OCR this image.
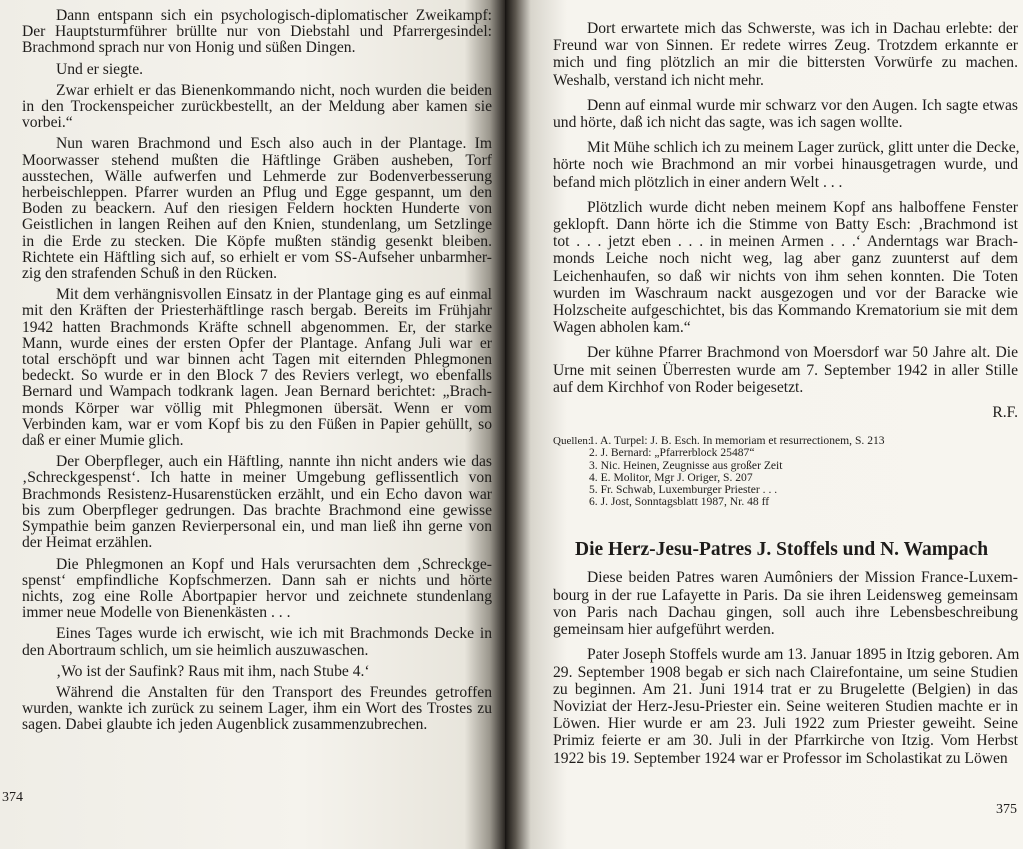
Dann entspann sich ein psychologisch-diplomatischer Zweikampf:
Der Hauptsturmführer brüllte nur von Diebstahl und Pfarrergesindel:
Brachmond sprach nur von Honig und süßen Dingen.
Und er siegte.
Zwar erhielt er das Bienenkommando nicht, noch wurden die beiden
in den Trockenspeicher zurückbestellt, an der Meldung aber kamen sie
vorbei.“
Nun waren Brachmond und Esch also auch in der Plantage. Im
Moorwasser stehend mußten die Häftlinge Gräben ausheben, Torf
ausstechen, Wälle aufwerfen und Lehmerde zur Bodenverbesserung
herbeischleppen. Pfarrer wurden an Pflug und Egge gespannt, um den
Boden zu beackern. Auf den riesigen Feldern hockten Hunderte von
Geistlichen in langen Reihen auf den Knien, stundenlang, um Setzlinge
in die Erde zu stecken. Die Köpfe mußten ständig gesenkt bleiben.
Richtete ein Häftling sich auf, so erhielt er vom SS-Aufseher unbarmher-
zig den strafenden Schuß in den Rücken.
Mit dem verhängnisvollen Einsatz in der Plantage ging es auf einmal
mit den Kräften der Priesterhäftlinge rasch bergab. Bereits im Frühjahr
1942 hatten Brachmonds Kräfte schnell abgenommen. Er, der starke
Mann, wurde eines der ersten Opfer der Plantage. Anfang Juli war er
total erschöpft und war binnen acht Tagen mit eiternden Phlegmonen
bedeckt. So wurde er in den Block 7 des Reviers verlegt, wo ebenfalls
Bernard und Wampach todkrank lagen. Jean Bernard berichtet: „Brach-
monds Körper war völlig mit Phlegmonen übersät. Wenn er vom
Verbinden kam, war er vom Kopf bis zu den Füßen in Papier gehüllt, so
daß er einer Mumie glich.
Der Oberpfleger, auch ein Häftling, nannte ihn nicht anders wie das
‚Schreckgespenst‘. Ich hatte in meiner Umgebung geflissentlich von
Brachmonds Resistenz-Husarenstücken erzählt, und ein Echo davon war
bis zum Oberpfleger gedrungen. Das brachte Brachmond eine gewisse
Sympathie beim ganzen Revierpersonal ein, und man ließ ihn gerne von
der Heimat erzählen.
Die Phlegmonen an Kopf und Hals verursachten dem ‚Schreckge-
spenst‘ empfindliche Kopfschmerzen. Dann sah er nichts und hörte
nichts, zog eine Rolle Abortpapier hervor und zeichnete stundenlang
immer neue Modelle von Bienenkästen . . .
Eines Tages wurde ich erwischt, wie ich mit Brachmonds Decke in
den Abortraum schlich, um sie heimlich auszuwaschen.
‚Wo ist der Saufink? Raus mit ihm, nach Stube 4.‘
Während die Anstalten für den Transport des Freundes getroffen
wurden, wankte ich zurück zu seinem Lager, ihm ein Wort des Trostes zu
sagen. Dabei glaubte ich jeden Augenblick zusammenzubrechen.
374
Dort erwartete mich das Schwerste, was ich in Dachau erlebte: der
Freund war von Sinnen. Er redete wirres Zeug. Trotzdem erkannte er
mich und fing plötzlich an mir die bittersten Vorwürfe zu machen.
Weshalb, verstand ich nicht mehr.
Denn auf einmal wurde mir schwarz vor den Augen. Ich sagte etwas
und hörte, daß ich nicht das sagte, was ich sagen wollte.
Mit Mühe schlich ich zu meinem Lager zurück, glitt unter die Decke,
hörte noch wie Brachmond an mir vorbei hinausgetragen wurde, und
befand mich plötzlich in einer andern Welt . . .
Plötzlich wurde dicht neben meinem Kopf ans halboffene Fenster
geklopft. Dann hörte ich die Stimme von Batty Esch: ‚Brachmond ist
tot . . . jetzt eben . . . in meinen Armen . . .‘ Anderntags war Brach-
monds Leiche noch nicht weg, lag aber ganz zuunterst auf dem
Leichenhaufen, so daß wir nichts von ihm sehen konnten. Die Toten
wurden im Waschraum nackt ausgezogen und vor der Baracke wie
Holzscheite aufgeschichtet, bis das Kommando Krematorium sie mit dem
Wagen abholen kam.“
Der kühne Pfarrer Brachmond von Moersdorf war 50 Jahre alt. Die
Urne mit seinen Überresten wurde am 7. September 1942 in aller Stille
auf dem Kirchhof von Roder beigesetzt.
R.F.
Quellen:
1. A. Turpel: J. B. Esch. In memoriam et resurrectionem, S. 213
2. J. Bernard: „Pfarrerblock 25487“
3. Nic. Heinen, Zeugnisse aus großer Zeit
4. E. Molitor, Mgr J. Origer, S. 207
5. Fr. Schwab, Luxemburger Priester . . .
6. J. Jost, Sonntagsblatt 1987, Nr. 48 ff
Die Herz-Jesu-Patres J. Stoffels und N. Wampach
Diese beiden Patres waren Aumôniers der Mission France-Luxem-
bourg in der rue Lafayette in Paris. Da sie ihren Leidensweg gemeinsam
von Paris nach Dachau gingen, soll auch ihre Lebensbeschreibung
gemeinsam hier aufgeführt werden.
Pater Joseph Stoffels wurde am 13. Januar 1895 in Itzig geboren. Am
29. September 1908 begab er sich nach Clairefontaine, um seine Studien
zu beginnen. Am 21. Juni 1914 trat er zu Brugelette (Belgien) in das
Noviziat der Herz-Jesu-Priester ein. Seine weiteren Studien machte er in
Löwen. Hier wurde er am 23. Juli 1922 zum Priester geweiht. Seine
Primiz feierte er am 30. Juli in der Pfarrkirche von Itzig. Vom Herbst
1922 bis 19. September 1924 war er Professor im Scholastikat zu Löwen
375
